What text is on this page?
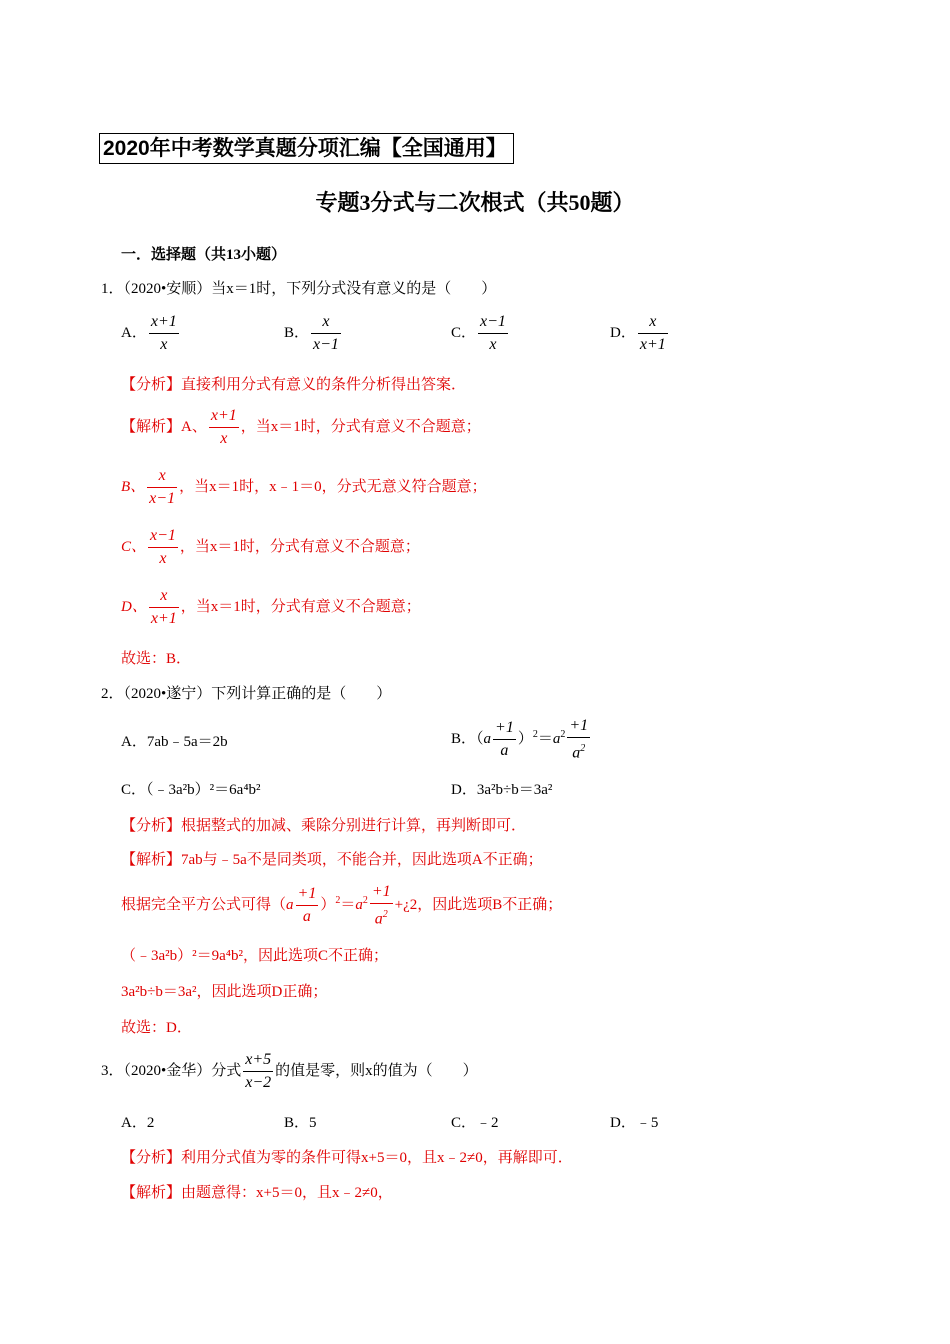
2020年中考数学真题分项汇编【全国通用】
专题3分式与二次根式（共50题）
一．选择题（共13小题）
1．（2020•安顺）当x＝1时，下列分式没有意义的是（　　）
A． $\frac{x+1}{x}$	B． $\frac{x}{x-1}$	C． $\frac{x-1}{x}$	D． $\frac{x}{x+1}$
【分析】直接利用分式有意义的条件分析得出答案．
【解析】A、 $\frac{x+1}{x}$ ，当x＝1时，分式有意义不合题意；
B、 $\frac{x}{x-1}$ ，当x＝1时，x﹣1＝0，分式无意义符合题意；
C、 $\frac{x-1}{x}$ ，当x＝1时，分式有意义不合题意；
D、 $\frac{x}{x+1}$ ，当x＝1时，分式有意义不合题意；
故选：B．
2．（2020•遂宁）下列计算正确的是（　　）
A．7ab﹣5a＝2b	B．$(a \frac{+1}{a} )^2=a^2 \frac{+1}{a^2}$
C．（﹣3a²b）²＝6a⁴b²	D．3a²b÷b＝3a²
【分析】根据整式的加减、乘除分别进行计算，再判断即可．
【解析】7ab与﹣5a不是同类项，不能合并，因此选项A不正确；
根据完全平方公式可得$(a \frac{+1}{a} )^2=a^2 \frac{+1}{a^2}$ +¿2，因此选项B不正确；
（﹣3a²b）²＝9a⁴b²，因此选项C不正确；
3a²b÷b＝3a²，因此选项D正确；
故选：D．
3．（2020•金华）分式 $\frac{x+5}{x-2}$ 的值是零，则x的值为（　　）
A．2	B．5	C．﹣2	D．﹣5
【分析】利用分式值为零的条件可得x+5＝0，且x﹣2≠0，再解即可．
【解析】由题意得：x+5＝0，且x﹣2≠0，
